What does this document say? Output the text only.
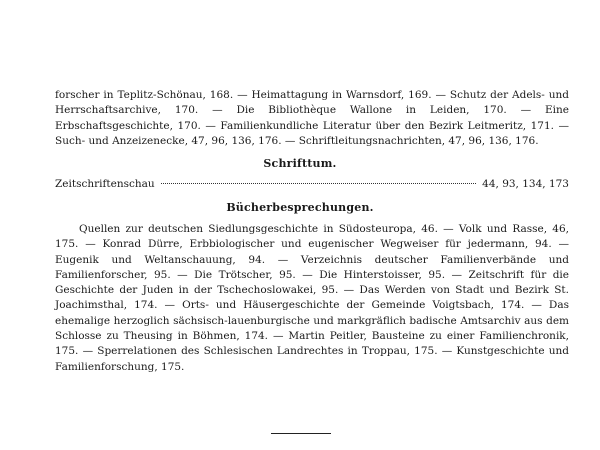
forscher in Teplitz-Schönau, 168. — Heimattagung in Warnsdorf, 169. — Schutz der Adels- und Herrschaftsarchive, 170. — Die Bibliothèque Wallone in Leiden, 170. — Eine Erbschaftsgeschichte, 170. — Familienkundliche Literatur über den Bezirk Leitmeritz, 171. — Such- und Anzeizenecke, 47, 96, 136, 176. — Schriftleitungsnachrichten, 47, 96, 136, 176.

Schrifttum.
Zeitschriftenschau	44, 93, 134, 173
Bücherbesprechungen.

Quellen zur deutschen Siedlungsgeschichte in Südosteuropa, 46. — Volk und Rasse, 46, 175. — Konrad Dürre, Erbbiologischer und eugenischer Wegweiser für jedermann, 94. — Eugenik und Weltanschauung, 94. — Verzeichnis deutscher Familienverbände und Familienforscher, 95. — Die Trötscher, 95. — Die Hinterstoisser, 95. — Zeitschrift für die Geschichte der Juden in der Tschechoslowakei, 95. — Das Werden von Stadt und Bezirk St. Joachimsthal, 174. — Orts- und Häusergeschichte der Gemeinde Voigtsbach, 174. — Das ehemalige herzoglich sächsisch-lauenburgische und markgräflich badische Amtsarchiv aus dem Schlosse zu Theusing in Böhmen, 174. — Martin Peitler, Bausteine zu einer Familienchronik, 175. — Sperrelationen des Schlesischen Landrechtes in Troppau, 175. — Kunstgeschichte und Familienforschung, 175.
